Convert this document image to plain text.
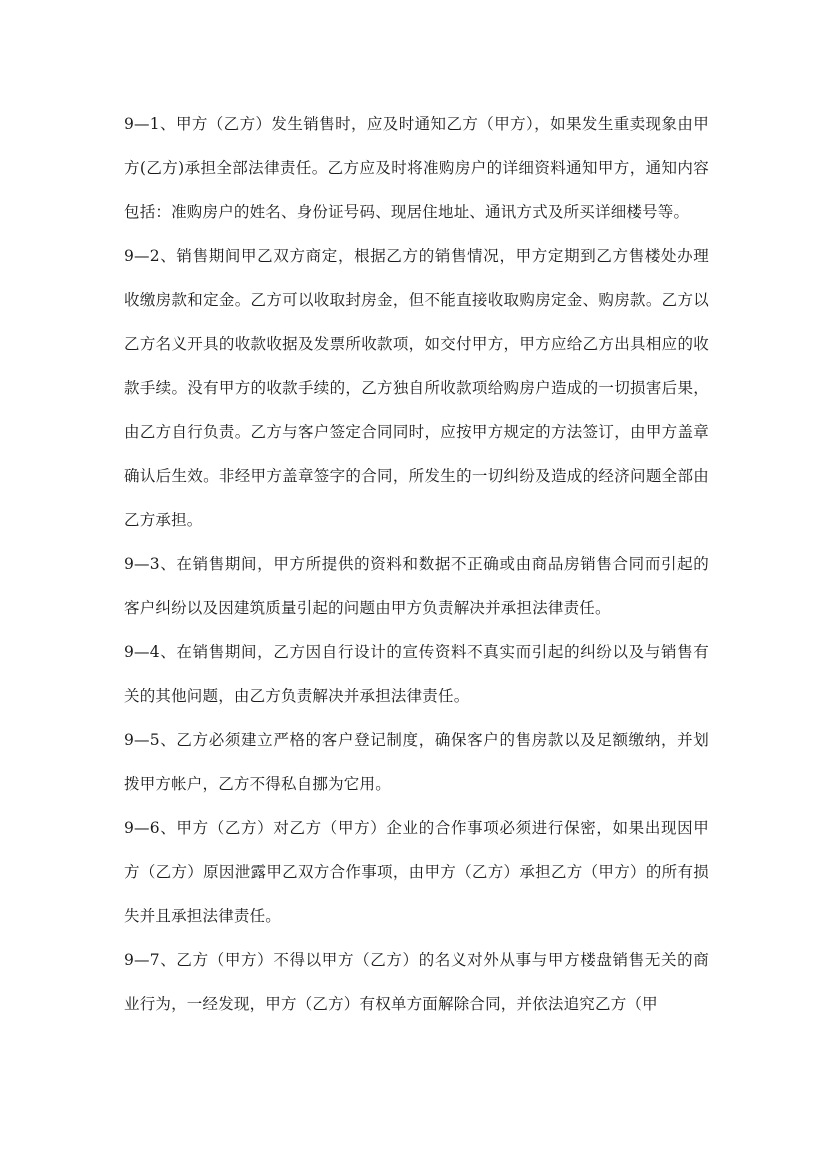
9—1、甲方（乙方）发生销售时，应及时通知乙方（甲方），如果发生重卖现象由甲方(乙方)承担全部法律责任。乙方应及时将准购房户的详细资料通知甲方，通知内容包括：准购房户的姓名、身份证号码、现居住地址、通讯方式及所买详细楼号等。

9—2、销售期间甲乙双方商定，根据乙方的销售情况，甲方定期到乙方售楼处办理收缴房款和定金。乙方可以收取封房金，但不能直接收取购房定金、购房款。乙方以乙方名义开具的收款收据及发票所收款项，如交付甲方，甲方应给乙方出具相应的收款手续。没有甲方的收款手续的，乙方独自所收款项给购房户造成的一切损害后果，由乙方自行负责。乙方与客户签定合同同时，应按甲方规定的方法签订，由甲方盖章确认后生效。非经甲方盖章签字的合同，所发生的一切纠纷及造成的经济问题全部由乙方承担。

9—3、在销售期间，甲方所提供的资料和数据不正确或由商品房销售合同而引起的客户纠纷以及因建筑质量引起的问题由甲方负责解决并承担法律责任。

9—4、在销售期间，乙方因自行设计的宣传资料不真实而引起的纠纷以及与销售有关的其他问题，由乙方负责解决并承担法律责任。

9—5、乙方必须建立严格的客户登记制度，确保客户的售房款以及足额缴纳，并划拨甲方帐户，乙方不得私自挪为它用。

9—6、甲方（乙方）对乙方（甲方）企业的合作事项必须进行保密，如果出现因甲方（乙方）原因泄露甲乙双方合作事项，由甲方（乙方）承担乙方（甲方）的所有损失并且承担法律责任。

9—7、乙方（甲方）不得以甲方（乙方）的名义对外从事与甲方楼盘销售无关的商业行为，一经发现，甲方（乙方）有权单方面解除合同，并依法追究乙方（甲
